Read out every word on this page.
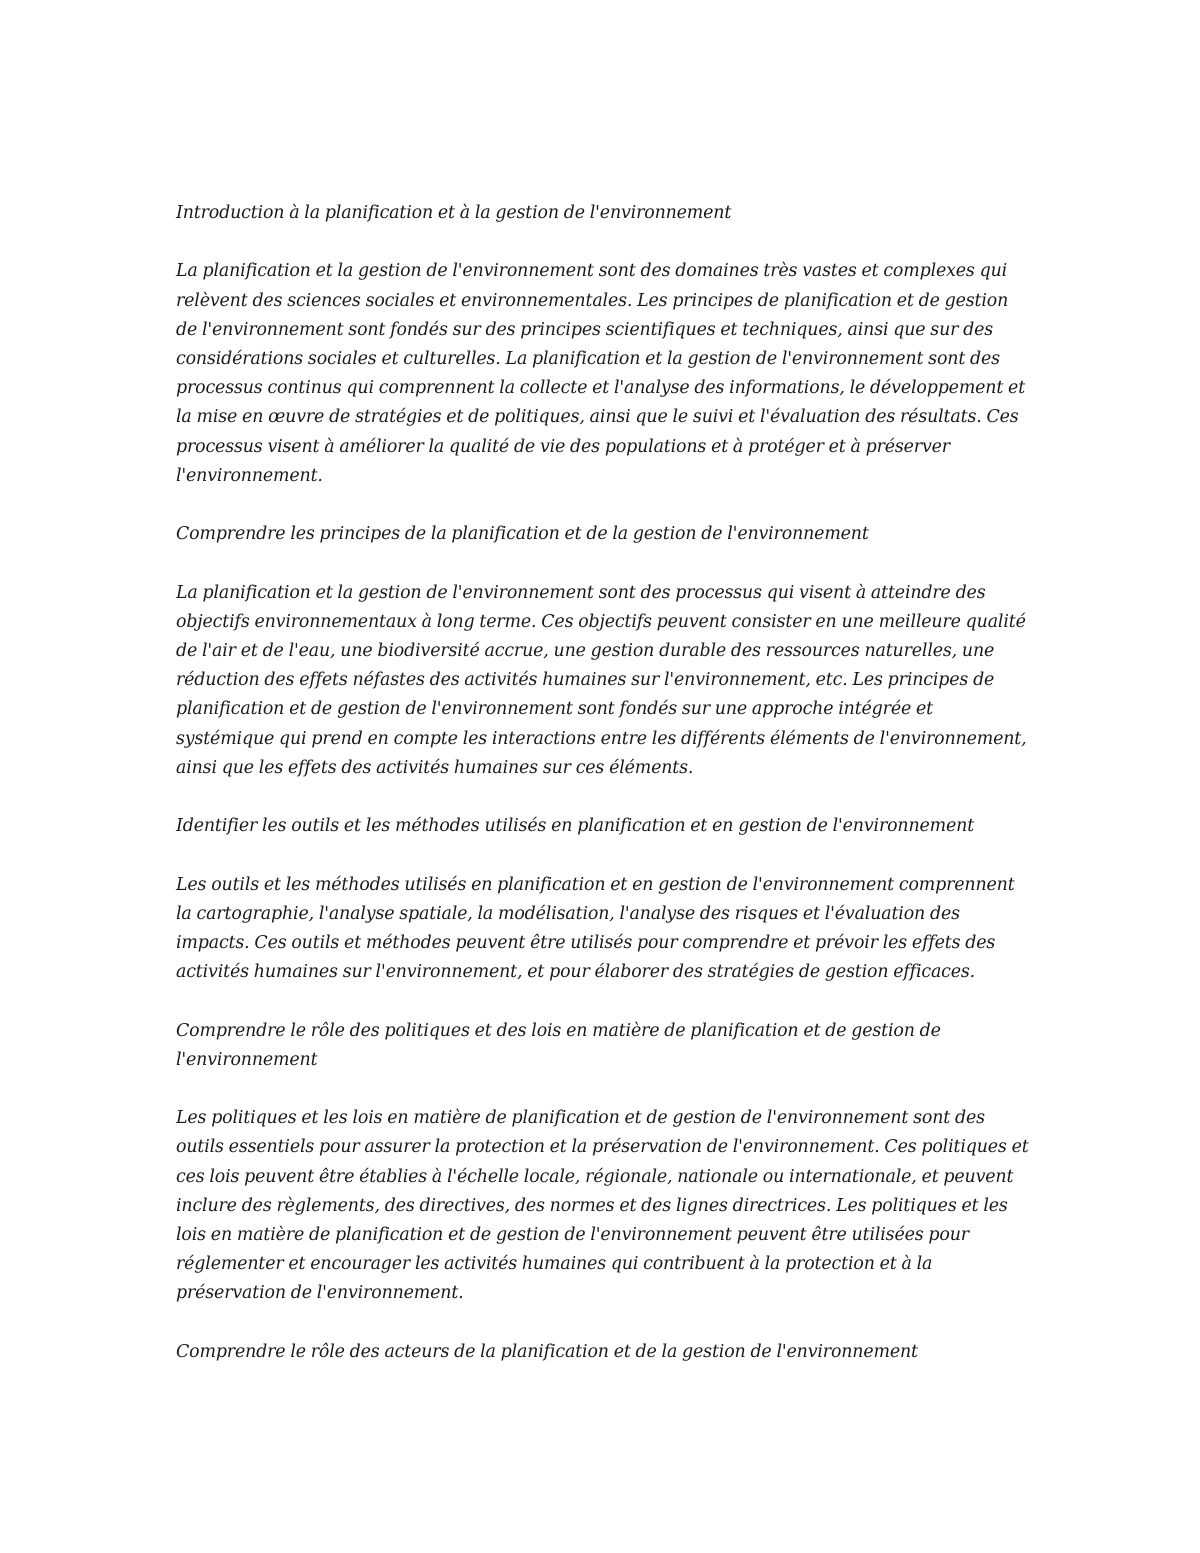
Introduction à la planification et à la gestion de l'environnement

La planification et la gestion de l'environnement sont des domaines très vastes et complexes qui relèvent des sciences sociales et environnementales. Les principes de planification et de gestion de l'environnement sont fondés sur des principes scientifiques et techniques, ainsi que sur des considérations sociales et culturelles. La planification et la gestion de l'environnement sont des processus continus qui comprennent la collecte et l'analyse des informations, le développement et la mise en œuvre de stratégies et de politiques, ainsi que le suivi et l'évaluation des résultats. Ces processus visent à améliorer la qualité de vie des populations et à protéger et à préserver l'environnement.

Comprendre les principes de la planification et de la gestion de l'environnement

La planification et la gestion de l'environnement sont des processus qui visent à atteindre des objectifs environnementaux à long terme. Ces objectifs peuvent consister en une meilleure qualité de l'air et de l'eau, une biodiversité accrue, une gestion durable des ressources naturelles, une réduction des effets néfastes des activités humaines sur l'environnement, etc. Les principes de planification et de gestion de l'environnement sont fondés sur une approche intégrée et systémique qui prend en compte les interactions entre les différents éléments de l'environnement, ainsi que les effets des activités humaines sur ces éléments.

Identifier les outils et les méthodes utilisés en planification et en gestion de l'environnement

Les outils et les méthodes utilisés en planification et en gestion de l'environnement comprennent la cartographie, l'analyse spatiale, la modélisation, l'analyse des risques et l'évaluation des impacts. Ces outils et méthodes peuvent être utilisés pour comprendre et prévoir les effets des activités humaines sur l'environnement, et pour élaborer des stratégies de gestion efficaces.

Comprendre le rôle des politiques et des lois en matière de planification et de gestion de l'environnement

Les politiques et les lois en matière de planification et de gestion de l'environnement sont des outils essentiels pour assurer la protection et la préservation de l'environnement. Ces politiques et ces lois peuvent être établies à l'échelle locale, régionale, nationale ou internationale, et peuvent inclure des règlements, des directives, des normes et des lignes directrices. Les politiques et les lois en matière de planification et de gestion de l'environnement peuvent être utilisées pour réglementer et encourager les activités humaines qui contribuent à la protection et à la préservation de l'environnement.

Comprendre le rôle des acteurs de la planification et de la gestion de l'environnement
